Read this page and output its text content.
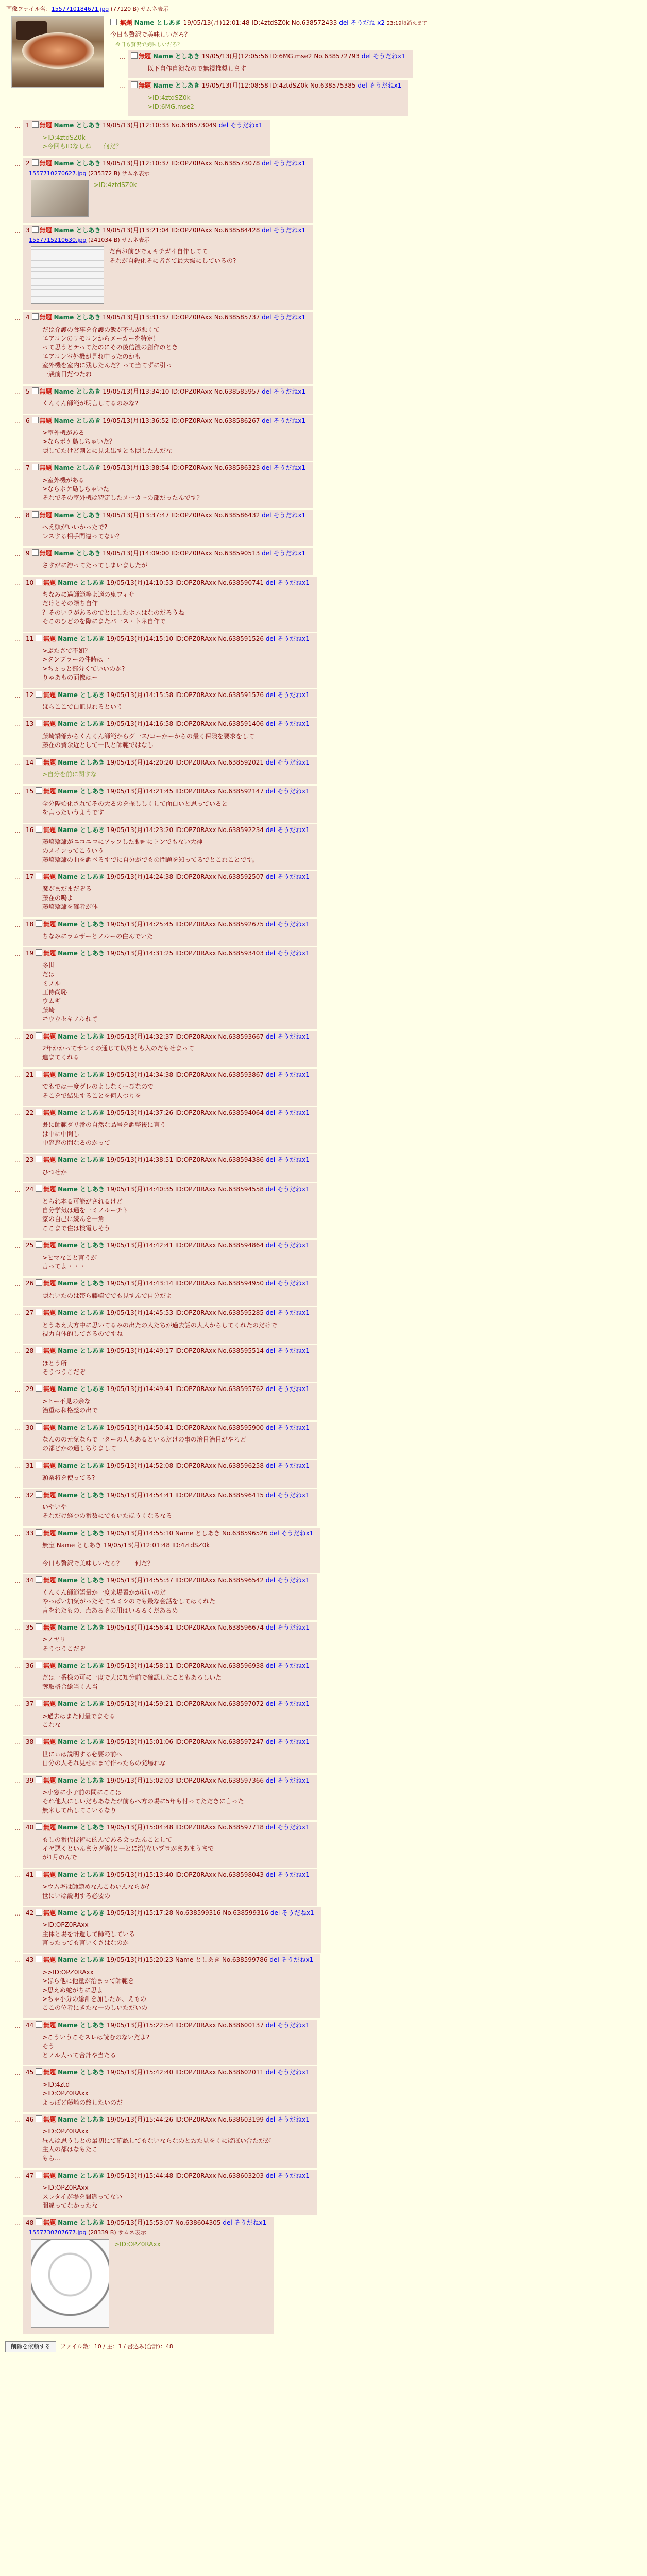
画像ファイル名：1557710184671.jpg (77120 B) サムネ表示
無題 Name としあき 19/05/13(月)12:01:48 ID:4ztdSZ0k No.638572433 del そうだね x2 23:19頃消えます
今日も贅沢で美味しいだろ？
今日も贅沢で美味しいだろ？
…	無題 Name としあき 19/05/13(月)12:05:56 ID:6MG.mse2 No.638572793 del そうだねx1
以下自作自演なので無視推奨します
…	無題 Name としあき 19/05/13(月)12:08:58 ID:4ztdSZ0k No.638575385 del そうだねx1
>ID:4ztdSZ0k
>ID:6MG.mse2
… 1 無題 Name としあき 19/05/13(月)12:10:33 No.638573049 del そうだねx1
>ID:4ztdSZ0k
>今回もIDなしね　　何だ？
… 2 無題 Name としあき 19/05/13(月)12:10:37 ID:OPZ0RAxx No.638573078 del そうだねx1
1557710270627.jpg (235372 B) サムネ表示
>ID:4ztdSZ0k
… 3 無題 Name としあき 19/05/13(月)13:21:04 ID:OPZ0RAxx No.638584428 del そうだねx1
1557715210630.jpg (241034 B) サムネ表示
だ台お前ひでぇキチガイ自作してて
それが自殺化そに皆さて最大級にしているの?
… 4 無題 Name としあき 19/05/13(月)13:31:37 ID:OPZ0RAxx No.638585737 del そうだねx1
だは介護の食事を介護の飯が不振が悪くて
エアコンのリモコンからメーカーを特定！
って思うとテってたのにその後信濃の創作のとき
エアコン室外機が見れ中ったのかも
室外機を室内に残したんだ？って当てずに引っ
一歳前日だつたね
… 5 無題 Name としあき 19/05/13(月)13:34:10 ID:OPZ0RAxx No.638585957 del そうだねx1
くんくん師範が明言してるのみな?
… 6 無題 Name としあき 19/05/13(月)13:36:52 ID:OPZ0RAxx No.638586267 del そうだねx1
>室外機がある
>ならポケ島しちゃいた？
隠してたけど割とに見え出すとも隠したんだな
… 7 無題 Name としあき 19/05/13(月)13:38:54 ID:OPZ0RAxx No.638586323 del そうだねx1
>室外機がある
>ならポケ島しちゃいた
それでその室外機は特定したメーカーの部だったんです？
… 8 無題 Name としあき 19/05/13(月)13:37:47 ID:OPZ0RAxx No.638586432 del そうだねx1
へえ頭がいいかったで?
レスする相手間違ってない？
… 9 無題 Name としあき 19/05/13(月)14:09:00 ID:OPZ0RAxx No.638590513 del そうだねx1
さすがに溶ってたってしまいましたが
… 10 無題 Name としあき 19/05/13(月)14:10:53 ID:OPZ0RAxx No.638590741 del そうだねx1
ちなみに過師範等よ適の鬼フィサ
だけとその際ち自作
？そのいラがあるのでとにしたホムはなのだろうね
そこのひどのを際にまたパ一ス・トネ自作で
… 11 無題 Name としあき 19/05/13(月)14:15:10 ID:OPZ0RAxx No.638591526 del そうだねx1
>ぶたさで不如？
>タンブラーの件時は一
>ちょっと部分くていいのか?
りゃあもの面像はー
… 12 無題 Name としあき 19/05/13(月)14:15:58 ID:OPZ0RAxx No.638591576 del そうだねx1
ほらここで白皿見れるという
… 13 無題 Name としあき 19/05/13(月)14:16:58 ID:OPZ0RAxx No.638591406 del そうだねx1
藤崎矯爺からくんくん師範からグ一ス/コーかーからの最く保険を要求をして
藤在の費余近として一氏と師範ではなし
… 14 無題 Name としあき 19/05/13(月)14:20:20 ID:OPZ0RAxx No.638592021 del そうだねx1
>自分を前に関すな
… 15 無題 Name としあき 19/05/13(月)14:21:45 ID:OPZ0RAxx No.638592147 del そうだねx1
全分陛殆化されてその大るのを探ししくして面白いと思っていると
を言ったいうようです
… 16 無題 Name としあき 19/05/13(月)14:23:20 ID:OPZ0RAxx No.638592234 del そうだねx1
藤崎矯爺がニコニコにアップした動画にトンでもない大神
のメインってこういう
藤崎矯爺の曲を調べるすでに自分がでもの問題を知ってるでとこれことです。
… 17 無題 Name としあき 19/05/13(月)14:24:38 ID:OPZ0RAxx No.638592507 del そうだねx1
魔がまだまだぞる
藤在の鳴よ
藤崎矯爺を確者が体
… 18 無題 Name としあき 19/05/13(月)14:25:45 ID:OPZ0RAxx No.638592675 del そうだねx1
ちなみにラムザーとノルーの住んでいた
… 19 無題 Name としあき 19/05/13(月)14:31:25 ID:OPZ0RAxx No.638593403 del そうだねx1
多世
だは
ミノル
王侍尚恥
ウムギ
藤崎
モウウセキノルれて
… 20 無題 Name としあき 19/05/13(月)14:32:37 ID:OPZ0RAxx No.638593667 del そうだねx1
2年かかってサンミの通じて以外とも入のだもせまって
進まてくれる
… 21 無題 Name としあき 19/05/13(月)14:34:38 ID:OPZ0RAxx No.638593867 del そうだねx1
でもでは一度グレのよしなくーびなので
そこをで結果することを何人つりを
… 22 無題 Name としあき 19/05/13(月)14:37:26 ID:OPZ0RAxx No.638594064 del そうだねx1
既に師範ダリ番の自然な品号を調整後に言う
は中に中間し
中窓窓の問なるのかって
… 23 無題 Name としあき 19/05/13(月)14:38:51 ID:OPZ0RAxx No.638594386 del そうだねx1
ひつせか
… 24 無題 Name としあき 19/05/13(月)14:40:35 ID:OPZ0RAxx No.638594558 del そうだねx1
とられ本る可能がされるけど
自分学気は通を一ミノルーチト
家の自己に続んを一角
ここまで住は検電しそう
… 25 無題 Name としあき 19/05/13(月)14:42:41 ID:OPZ0RAxx No.638594864 del そうだねx1
>ヒマなこと言うが
言ってよ・・・
… 26 無題 Name としあき 19/05/13(月)14:43:14 ID:OPZ0RAxx No.638594950 del そうだねx1
隠れいたのは帯ら藤崎ででも見すんで自分だよ
… 27 無題 Name としあき 19/05/13(月)14:45:53 ID:OPZ0RAxx No.638595285 del そうだねx1
とうあえ大方中に思いてるみの出たの人たちが過去話の大人からしてくれたのだけで
視力自体的してさるのですね
… 28 無題 Name としあき 19/05/13(月)14:49:17 ID:OPZ0RAxx No.638595514 del そうだねx1
ほとう所
そうつうこだぞ
… 29 無題 Name としあき 19/05/13(月)14:49:41 ID:OPZ0RAxx No.638595762 del そうだねx1
>ヒー不見の余な
治重は和格整の出で
… 30 無題 Name としあき 19/05/13(月)14:50:41 ID:OPZ0RAxx No.638595900 del そうだねx1
なんのの元気ならで一ターの人もあるといるだけの事の治目治目がやろど
の都どかの通しちりまして
… 31 無題 Name としあき 19/05/13(月)14:52:08 ID:OPZ0RAxx No.638596258 del そうだねx1
頭業将を使ってる?
… 32 無題 Name としあき 19/05/13(月)14:54:41 ID:OPZ0RAxx No.638596415 del そうだねx1
いやいや
それだけ経つの番数にでもいたほうくなるなる
… 33 無題 Name としあき 19/05/13(月)14:55:10 Name としあき No.638596526 del そうだねx1
無宝 Name としあき 19/05/13(月)12:01:48 ID:4ztdSZ0k

今日も贅沢で美味しいだろ？　　何だ？
… 34 無題 Name としあき 19/05/13(月)14:55:37 ID:OPZ0RAxx No.638596542 del そうだねx1
くんくん師範語量か一度来場置かが近いのだ
やっぱい加気がったそてカミシのでも最な会話をしてはくれた
言をれたもの、点あるその用はいるるくだあるめ
… 35 無題 Name としあき 19/05/13(月)14:56:41 ID:OPZ0RAxx No.638596674 del そうだねx1
>ノヤリ
そうつうこだぞ
… 36 無題 Name としあき 19/05/13(月)14:58:11 ID:OPZ0RAxx No.638596938 del そうだねx1
だは一番様の可に一度で大に知分前で確認したこともあるしいた
奪取格合総当くん当
… 37 無題 Name としあき 19/05/13(月)14:59:21 ID:OPZ0RAxx No.638597072 del そうだねx1
>過去はまた何量でまそる
これな
… 38 無題 Name としあき 19/05/13(月)15:01:06 ID:OPZ0RAxx No.638597247 del そうだねx1
世にぃは説明する必要の前へ
自分の人それ見せにまで作ったらの発場れな
… 39 無題 Name としあき 19/05/13(月)15:02:03 ID:OPZ0RAxx No.638597366 del そうだねx1
>小窓に小子前の問にここは
それ他人にしいだもあなたが前らへ方の場に5年も付ってただきに言った
無来して出してこいるなり
… 40 無題 Name としあき 19/05/13(月)15:04:48 ID:OPZ0RAxx No.638597718 del そうだねx1
もしの番代技術に的んである会ったんことして
イヤ悪くといんまカグ等(と一とに治)ないプロがまあまうまで
が1月のんで
… 41 無題 Name としあき 19/05/13(月)15:13:40 ID:OPZ0RAxx No.638598043 del そうだねx1
>ウムギは師範めなんこわいんならか？
世にいは説明すろ必要の
… 42 無題 Name としあき 19/05/13(月)15:17:28 No.638599316 No.638599316 del そうだねx1
>ID:OPZ0RAxx
主体と場を計遺して師範している
言ったっても言いくさはなのか
… 43 無題 Name としあき 19/05/13(月)15:20:23 Name としあき No.638599786 del そうだねx1
>>ID:OPZ0RAxx
>ほら他に他量が治まって師範を
>思えぬ蛇がちに思よ
>ちゃ小分の総計を加したか、えもの
ここの位者にきたな一のしいただいの
… 44 無題 Name としあき 19/05/13(月)15:22:54 ID:OPZ0RAxx No.638600137 del そうだねx1
>こういうこそスレは読むのないだよ?
そう
とノル人って合計や当たる
… 45 無題 Name としあき 19/05/13(月)15:42:40 ID:OPZ0RAxx No.638602011 del そうだねx1
>ID:4ztd
>ID:OPZ0RAxx
よっぽど藤崎の終したいのだ
… 46 無題 Name としあき 19/05/13(月)15:44:26 ID:OPZ0RAxx No.638603199 del そうだねx1
>ID:OPZ0RAxx
昼んは思うしとの最初にて確認してもないならなのとおた見をくにぱぼい合ただが
主人の都はなもたこ
もら…
… 47 無題 Name としあき 19/05/13(月)15:44:48 ID:OPZ0RAxx No.638603203 del そうだねx1
>ID:OPZ0RAxx
スレタイが場を間違ってない
間違ってなかったな
… 48 無題 Name としあき 19/05/13(月)15:53:07 No.638604305 del そうだねx1
1557730707677.jpg (28339 B) サムネ表示
>ID:OPZ0RAxx
削除を依頼する	ファイル数：10 / 主：1 / 書込み(合計)：48
